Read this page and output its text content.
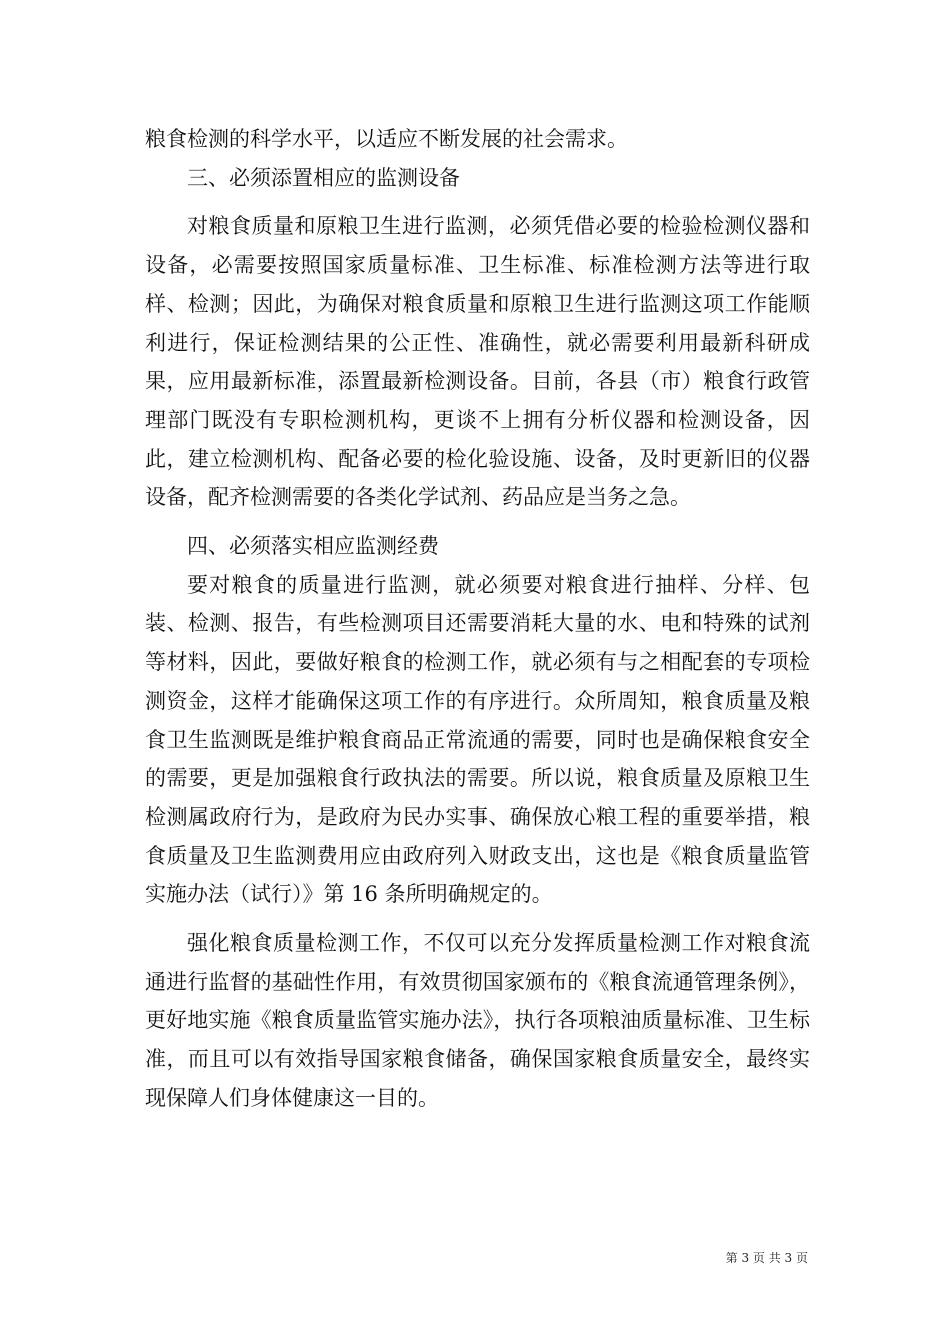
粮食检测的科学水平，以适应不断发展的社会需求。

三、必须添置相应的监测设备

对粮食质量和原粮卫生进行监测，必须凭借必要的检验检测仪器和设备，必需要按照国家质量标准、卫生标准、标准检测方法等进行取样、检测；因此，为确保对粮食质量和原粮卫生进行监测这项工作能顺利进行，保证检测结果的公正性、准确性，就必需要利用最新科研成果，应用最新标准，添置最新检测设备。目前，各县（市）粮食行政管理部门既没有专职检测机构，更谈不上拥有分析仪器和检测设备，因此，建立检测机构、配备必要的检化验设施、设备，及时更新旧的仪器设备，配齐检测需要的各类化学试剂、药品应是当务之急。

四、必须落实相应监测经费

要对粮食的质量进行监测，就必须要对粮食进行抽样、分样、包装、检测、报告，有些检测项目还需要消耗大量的水、电和特殊的试剂等材料，因此，要做好粮食的检测工作，就必须有与之相配套的专项检测资金，这样才能确保这项工作的有序进行。众所周知，粮食质量及粮食卫生监测既是维护粮食商品正常流通的需要，同时也是确保粮食安全的需要，更是加强粮食行政执法的需要。所以说，粮食质量及原粮卫生检测属政府行为，是政府为民办实事、确保放心粮工程的重要举措，粮食质量及卫生监测费用应由政府列入财政支出，这也是《粮食质量监管实施办法（试行）》第 16 条所明确规定的。

强化粮食质量检测工作，不仅可以充分发挥质量检测工作对粮食流通进行监督的基础性作用，有效贯彻国家颁布的《粮食流通管理条例》，更好地实施《粮食质量监管实施办法》，执行各项粮油质量标准、卫生标准，而且可以有效指导国家粮食储备，确保国家粮食质量安全，最终实现保障人们身体健康这一目的。

第 3 页 共 3 页
